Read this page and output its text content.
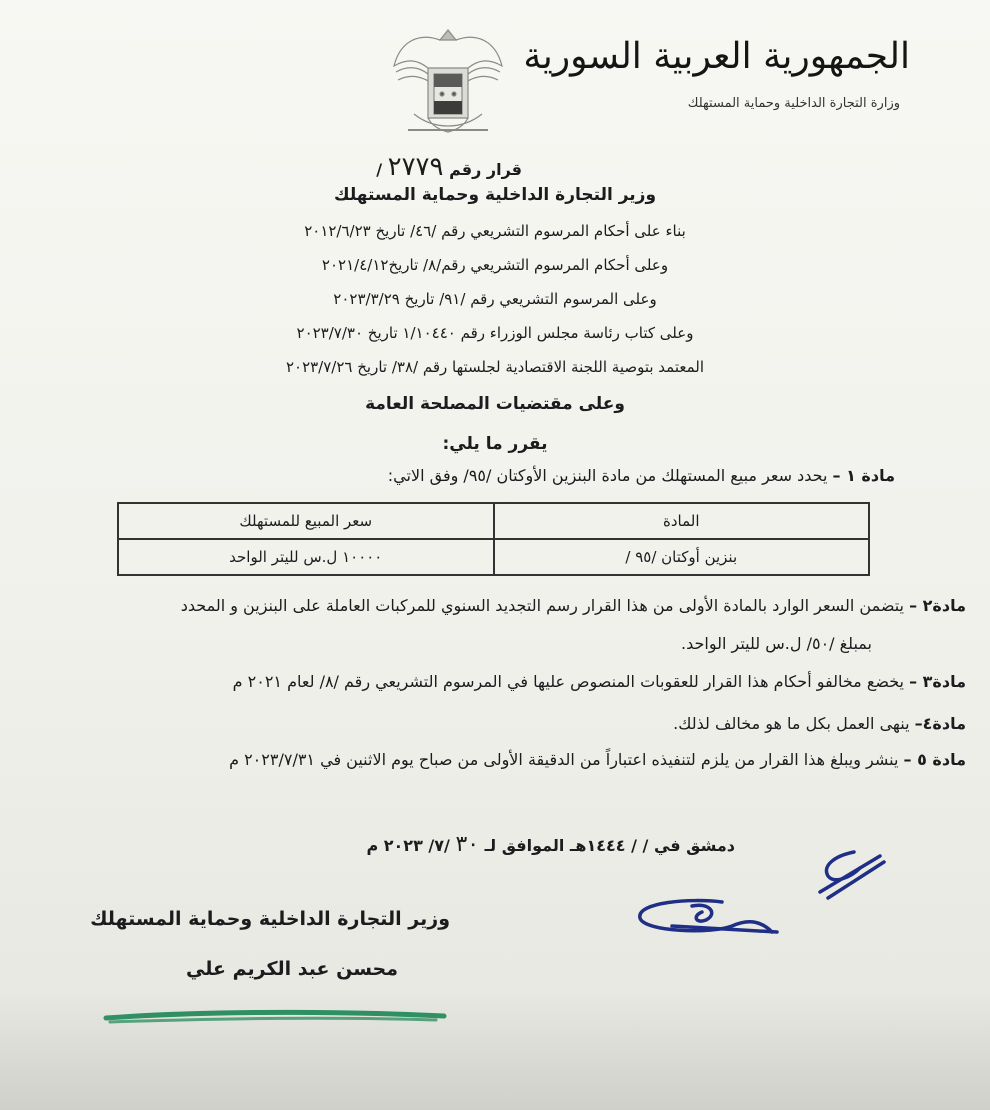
الجمهورية العربية السورية
وزارة التجارة الداخلية وحماية المستهلك
قرار رقم ٢٧٧٩ /
وزير التجارة الداخلية وحماية المستهلك
بناء على أحكام المرسوم التشريعي رقم /٤٦/ تاريخ ٢٠١٢/٦/٢٣
وعلى أحكام المرسوم التشريعي رقم/٨/ تاريخ٢٠٢١/٤/١٢
وعلى المرسوم التشريعي رقم /٩١/ تاريخ ٢٠٢٣/٣/٢٩
وعلى كتاب رئاسة مجلس الوزراء رقم ١/١٠٤٤٠ تاريخ ٢٠٢٣/٧/٣٠
المعتمد بتوصية اللجنة الاقتصادية لجلستها رقم /٣٨/ تاريخ ٢٠٢٣/٧/٢٦
وعلى مقتضيات المصلحة العامة
يقرر ما يلي:
مادة ١ – يحدد سعر مبيع المستهلك من مادة البنزين الأوكتان /٩٥/ وفق الاتي:
المادة	سعر المبيع للمستهلك
بنزين أوكتان /٩٥ /	١٠٠٠٠ ل.س لليتر الواحد
مادة٢ – يتضمن السعر الوارد بالمادة الأولى من هذا القرار رسم التجديد السنوي للمركبات العاملة على البنزين و المحدد
بمبلغ /٥٠/ ل.س لليتر الواحد.
مادة٣ – يخضع مخالفو أحكام هذا القرار للعقوبات المنصوص عليها في المرسوم التشريعي رقم /٨/ لعام ٢٠٢١ م
مادة٤– ينهى العمل بكل ما هو مخالف لذلك.
مادة ٥ – ينشر ويبلغ هذا القرار من يلزم لتنفيذه اعتباراً من الدقيقة الأولى من صباح يوم الاثنين في ٢٠٢٣/٧/٣١ م
دمشق في / / ١٤٤٤هـ الموافق لـ ٣٠ /٧/ ٢٠٢٣ م
وزير التجارة الداخلية وحماية المستهلك
محسن عبد الكريم علي
